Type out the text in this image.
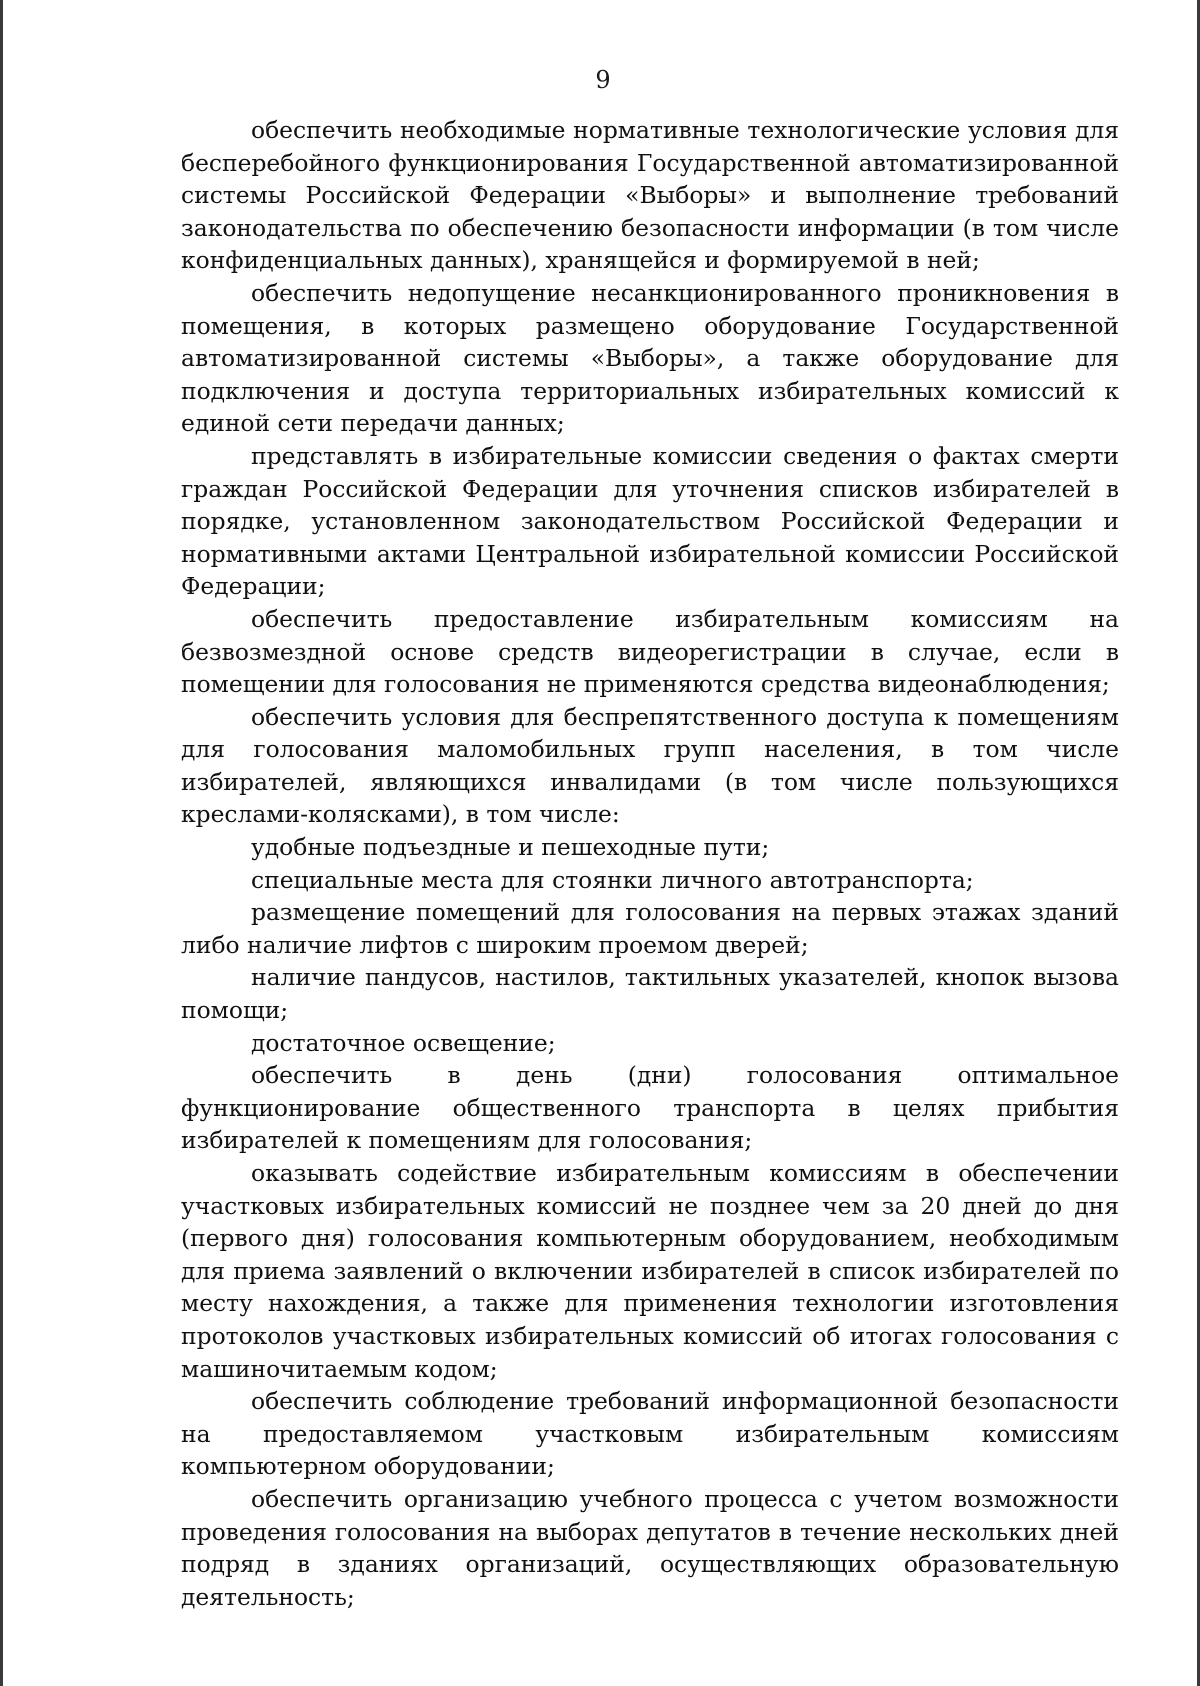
9

обеспечить необходимые нормативные технологические условия для бесперебойного функционирования Государственной автоматизированной системы Российской Федерации «Выборы» и выполнение требований законодательства по обеспечению безопасности информации (в том числе конфиденциальных данных), хранящейся и формируемой в ней;

обеспечить недопущение несанкционированного проникновения в помещения, в которых размещено оборудование Государственной автоматизированной системы «Выборы», а также оборудование для подключения и доступа территориальных избирательных комиссий к единой сети передачи данных;

представлять в избирательные комиссии сведения о фактах смерти граждан Российской Федерации для уточнения списков избирателей в порядке, установленном законодательством Российской Федерации и нормативными актами Центральной избирательной комиссии Российской Федерации;

обеспечить предоставление избирательным комиссиям на безвозмездной основе средств видеорегистрации в случае, если в помещении для голосования не применяются средства видеонаблюдения;

обеспечить условия для беспрепятственного доступа к помещениям для голосования маломобильных групп населения, в том числе избирателей, являющихся инвалидами (в том числе пользующихся креслами-колясками), в том числе:

удобные подъездные и пешеходные пути;

специальные места для стоянки личного автотранспорта;

размещение помещений для голосования на первых этажах зданий либо наличие лифтов с широким проемом дверей;

наличие пандусов, настилов, тактильных указателей, кнопок вызова помощи;

достаточное освещение;

обеспечить в день (дни) голосования оптимальное функционирование общественного транспорта в целях прибытия избирателей к помещениям для голосования;

оказывать содействие избирательным комиссиям в обеспечении участковых избирательных комиссий не позднее чем за 20 дней до дня (первого дня) голосования компьютерным оборудованием, необходимым для приема заявлений о включении избирателей в список избирателей по месту нахождения, а также для применения технологии изготовления протоколов участковых избирательных комиссий об итогах голосования с машиночитаемым кодом;

обеспечить соблюдение требований информационной безопасности на предоставляемом участковым избирательным комиссиям компьютерном оборудовании;

обеспечить организацию учебного процесса с учетом возможности проведения голосования на выборах депутатов в течение нескольких дней подряд в зданиях организаций, осуществляющих образовательную деятельность;
